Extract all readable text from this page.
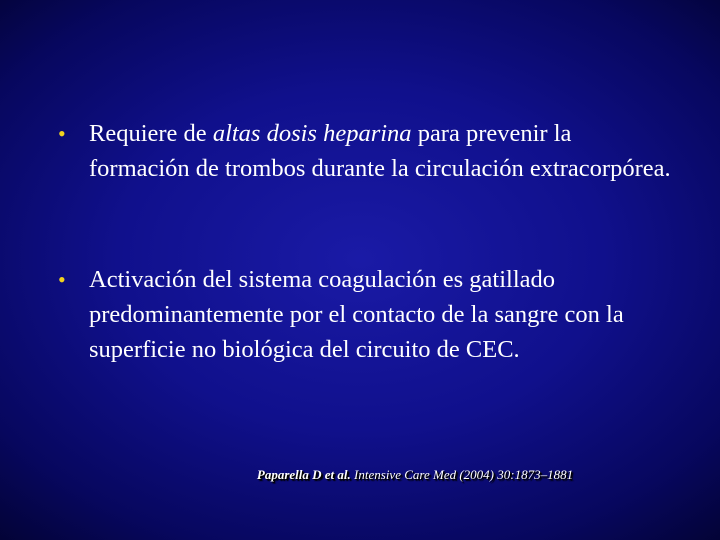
• Requiere de altas dosis heparina para prevenir la formación de trombos durante la circulación extracorpórea.
• Activación del sistema coagulación es gatillado predominantemente por el contacto de la sangre con la superficie no biológica del circuito de CEC.
Paparella D et al. Intensive Care Med (2004) 30:1873–1881
